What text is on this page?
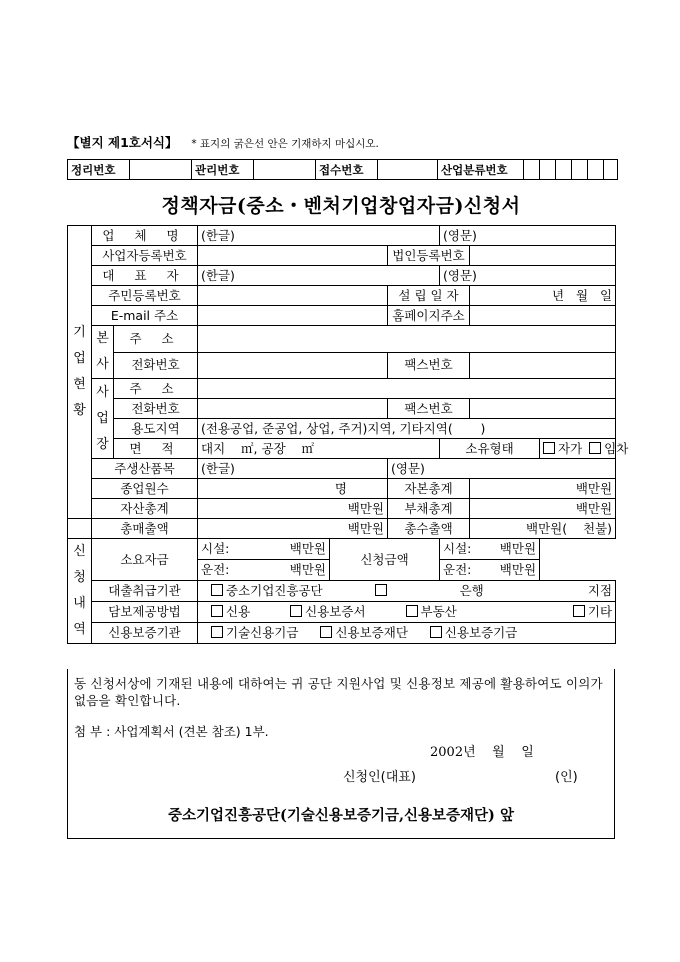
【별지 제1호서식】 * 표지의 굵은선 안은 기재하지 마십시오.
정리번호		관리번호		접수번호		산업분류번호						
정책자금(중소・벤처기업창업자금)신청서
기
업
현
황	업 체 명		(한글)			(영문)		
	사업자등록번호				법인등록번호			
	대 표 자		(한글)			(영문)		
	주민등록번호				설 립 일 자		년   월   일	
	E-mail 주소				홈페이지주소			
	본
사	주 소						
		전화번호			팩스번호			
	사
업
장	주 소						
		전화번호			팩스번호			
		용도지역	(전용공업, 준공업, 상업, 주거)지역, 기타지역(       )					
		면 적	대지    ㎡, 공장    ㎡			소유형태		자가 임차
	주생산품목		(한글)		(영문)			
	종업원수		명		자본총계		백만원	
	자산총계		백만원		부채총계		백만원	
	총매출액		백만원		총수출액		백만원(    천불)	
신
청
내
역	소요자금		시설: 백만원	신청금액		시설: 백만원		

			운전: 백만원			운전: 백만원		

	대출취급기관		중소기업진흥공단 은행 지점					

	담보제공방법		신용 신용보증서 부동산 기타					

	신용보증기관		기술신용기금 신용보증재단 신용보증기금					
동 신청서상에 기재된 내용에 대하여는 귀 공단 지원사업 및 신용정보 제공에 활용하여도 이의가 없음을 확인합니다.
첨 부 : 사업계획서 (견본 참조) 1부.
2002년    월    일
신청인(대표)	(인)
중소기업진흥공단(기술신용보증기금,신용보증재단) 앞
